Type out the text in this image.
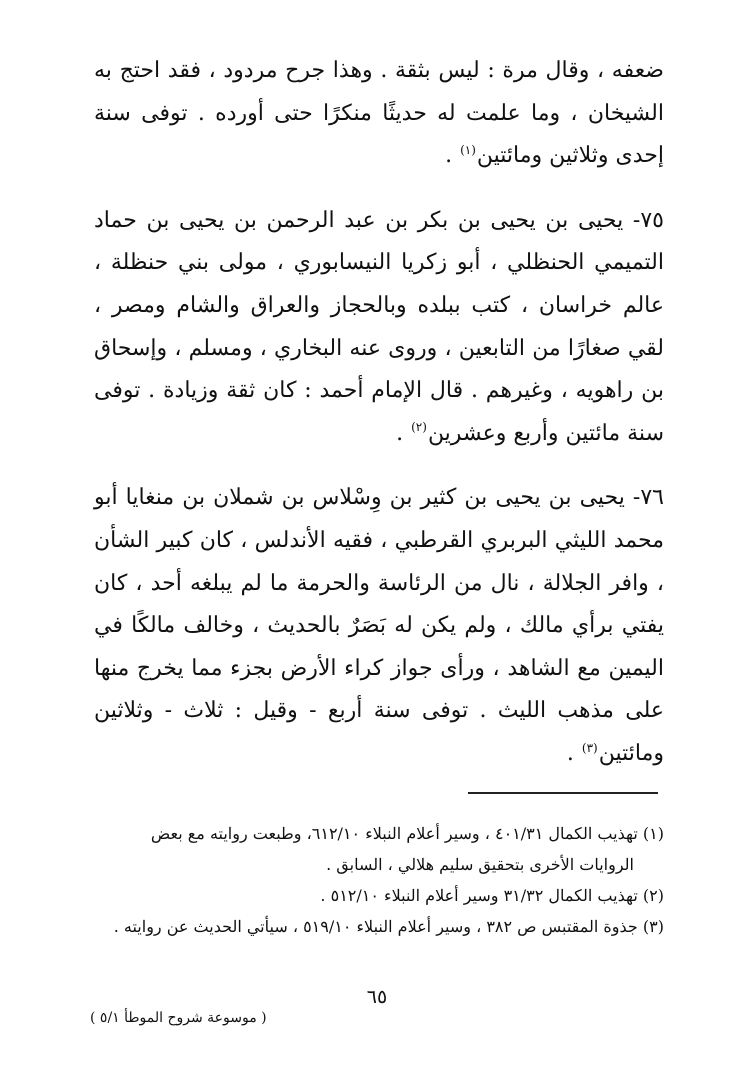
ضعفه ، وقال مرة : ليس بثقة . وهذا جرح مردود ، فقد احتج به الشيخان ، وما علمت له حديثًا منكرًا حتى أورده . توفى سنة إحدى وثلاثين ومائتين$^{(١)}$ .

٧٥- يحيى بن يحيى بن بكر بن عبد الرحمن بن يحيى بن حماد التميمي الحنظلي ، أبو زكريا النيسابوري ، مولى بني حنظلة ، عالم خراسان ، كتب ببلده وبالحجاز والعراق والشام ومصر ، لقي صغارًا من التابعين ، وروى عنه البخاري ، ومسلم ، وإسحاق بن راهويه ، وغيرهم . قال الإمام أحمد : كان ثقة وزيادة . توفى سنة مائتين وأربع وعشرين$^{(٢)}$ .

٧٦- يحيى بن يحيى بن كثير بن وِسْلاس بن شملان بن منغايا أبو محمد الليثي البربري القرطبي ، فقيه الأندلس ، كان كبير الشأن ، وافر الجلالة ، نال من الرئاسة والحرمة ما لم يبلغه أحد ، كان يفتي برأي مالك ، ولم يكن له بَصَرٌ بالحديث ، وخالف مالكًا في اليمين مع الشاهد ، ورأى جواز كراء الأرض بجزء مما يخرج منها على مذهب الليث . توفى سنة أربع - وقيل : ثلاث - وثلاثين ومائتين$^{(٣)}$ .

(١) تهذيب الكمال ٤٠١/٣١ ، وسير أعلام النبلاء ٦١٢/١٠، وطبعت روايته مع بعض

الروايات الأخرى بتحقيق سليم هلالي ، السابق .

(٢) تهذيب الكمال ٣١/٣٢ وسير أعلام النبلاء ٥١٢/١٠ .

(٣) جذوة المقتبس ص ٣٨٢ ، وسير أعلام النبلاء ٥١٩/١٠ ، سيأتي الحديث عن روايته .

٦٥
( موسوعة شروح الموطأ ٥/١ )
